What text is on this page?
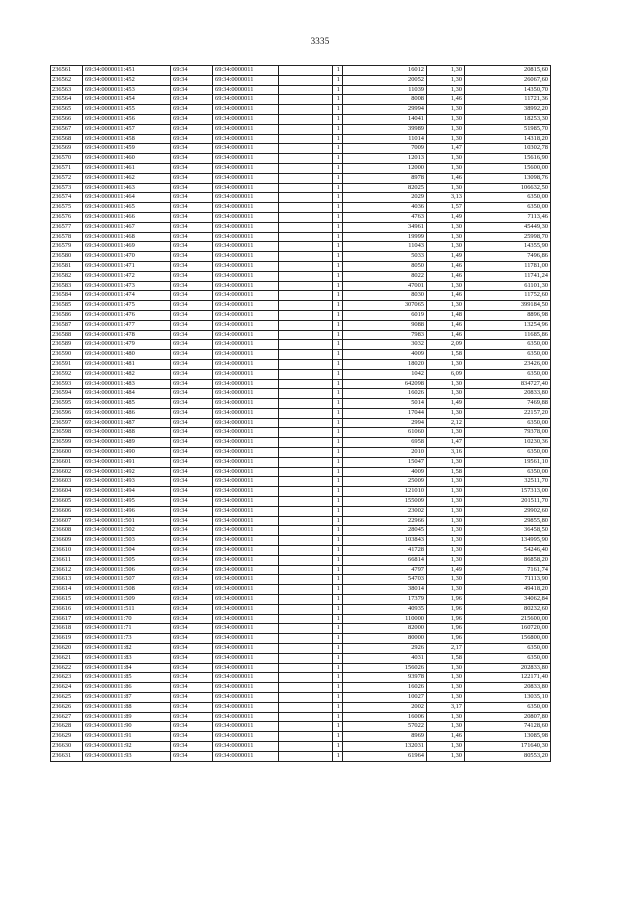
3335
236561	69:34:0000011:451	69:34	69:34:0000011		1	16012	1,30	20815,60
236562	69:34:0000011:452	69:34	69:34:0000011		1	20052	1,30	26067,60
236563	69:34:0000011:453	69:34	69:34:0000011		1	11039	1,30	14350,70
236564	69:34:0000011:454	69:34	69:34:0000011		1	8008	1,46	11721,36
236565	69:34:0000011:455	69:34	69:34:0000011		1	29994	1,30	38992,20
236566	69:34:0000011:456	69:34	69:34:0000011		1	14041	1,30	18253,30
236567	69:34:0000011:457	69:34	69:34:0000011		1	39989	1,30	51985,70
236568	69:34:0000011:458	69:34	69:34:0000011		1	11014	1,30	14318,20
236569	69:34:0000011:459	69:34	69:34:0000011		1	7009	1,47	10302,78
236570	69:34:0000011:460	69:34	69:34:0000011		1	12013	1,30	15616,90
236571	69:34:0000011:461	69:34	69:34:0000011		1	12000	1,30	15600,00
236572	69:34:0000011:462	69:34	69:34:0000011		1	8978	1,46	13098,76
236573	69:34:0000011:463	69:34	69:34:0000011		1	82025	1,30	106632,50
236574	69:34:0000011:464	69:34	69:34:0000011		1	2029	3,13	6350,00
236575	69:34:0000011:465	69:34	69:34:0000011		1	4036	1,57	6350,00
236576	69:34:0000011:466	69:34	69:34:0000011		1	4763	1,49	7113,46
236577	69:34:0000011:467	69:34	69:34:0000011		1	34961	1,30	45449,30
236578	69:34:0000011:468	69:34	69:34:0000011		1	19999	1,30	25998,70
236579	69:34:0000011:469	69:34	69:34:0000011		1	11043	1,30	14355,90
236580	69:34:0000011:470	69:34	69:34:0000011		1	5033	1,49	7496,86
236581	69:34:0000011:471	69:34	69:34:0000011		1	8050	1,46	11781,00
236582	69:34:0000011:472	69:34	69:34:0000011		1	8022	1,46	11741,24
236583	69:34:0000011:473	69:34	69:34:0000011		1	47001	1,30	61101,30
236584	69:34:0000011:474	69:34	69:34:0000011		1	8030	1,46	11752,60
236585	69:34:0000011:475	69:34	69:34:0000011		1	307065	1,30	399184,50
236586	69:34:0000011:476	69:34	69:34:0000011		1	6019	1,48	8896,98
236587	69:34:0000011:477	69:34	69:34:0000011		1	9088	1,46	13254,96
236588	69:34:0000011:478	69:34	69:34:0000011		1	7983	1,46	11685,86
236589	69:34:0000011:479	69:34	69:34:0000011		1	3032	2,09	6350,00
236590	69:34:0000011:480	69:34	69:34:0000011		1	4009	1,58	6350,00
236591	69:34:0000011:481	69:34	69:34:0000011		1	18020	1,30	23426,00
236592	69:34:0000011:482	69:34	69:34:0000011		1	1042	6,09	6350,00
236593	69:34:0000011:483	69:34	69:34:0000011		1	642098	1,30	834727,40
236594	69:34:0000011:484	69:34	69:34:0000011		1	16026	1,30	20833,80
236595	69:34:0000011:485	69:34	69:34:0000011		1	5014	1,49	7469,88
236596	69:34:0000011:486	69:34	69:34:0000011		1	17044	1,30	22157,20
236597	69:34:0000011:487	69:34	69:34:0000011		1	2994	2,12	6350,00
236598	69:34:0000011:488	69:34	69:34:0000011		1	61060	1,30	79378,00
236599	69:34:0000011:489	69:34	69:34:0000011		1	6958	1,47	10230,36
236600	69:34:0000011:490	69:34	69:34:0000011		1	2010	3,16	6350,00
236601	69:34:0000011:491	69:34	69:34:0000011		1	15047	1,30	19561,10
236602	69:34:0000011:492	69:34	69:34:0000011		1	4009	1,58	6350,00
236603	69:34:0000011:493	69:34	69:34:0000011		1	25009	1,30	32511,70
236604	69:34:0000011:494	69:34	69:34:0000011		1	121010	1,30	157313,00
236605	69:34:0000011:495	69:34	69:34:0000011		1	155009	1,30	201511,70
236606	69:34:0000011:496	69:34	69:34:0000011		1	23002	1,30	29902,60
236607	69:34:0000011:501	69:34	69:34:0000011		1	22966	1,30	29855,80
236608	69:34:0000011:502	69:34	69:34:0000011		1	28045	1,30	36458,50
236609	69:34:0000011:503	69:34	69:34:0000011		1	103843	1,30	134995,90
236610	69:34:0000011:504	69:34	69:34:0000011		1	41728	1,30	54246,40
236611	69:34:0000011:505	69:34	69:34:0000011		1	66814	1,30	86858,20
236612	69:34:0000011:506	69:34	69:34:0000011		1	4797	1,49	7161,74
236613	69:34:0000011:507	69:34	69:34:0000011		1	54703	1,30	71113,90
236614	69:34:0000011:508	69:34	69:34:0000011		1	38014	1,30	49418,20
236615	69:34:0000011:509	69:34	69:34:0000011		1	17379	1,96	34062,84
236616	69:34:0000011:511	69:34	69:34:0000011		1	40935	1,96	80232,60
236617	69:34:0000011:70	69:34	69:34:0000011		1	110000	1,96	215600,00
236618	69:34:0000011:71	69:34	69:34:0000011		1	82000	1,96	160720,00
236619	69:34:0000011:73	69:34	69:34:0000011		1	80000	1,96	156800,00
236620	69:34:0000011:82	69:34	69:34:0000011		1	2926	2,17	6350,00
236621	69:34:0000011:83	69:34	69:34:0000011		1	4031	1,58	6350,00
236622	69:34:0000011:84	69:34	69:34:0000011		1	156026	1,30	202833,80
236623	69:34:0000011:85	69:34	69:34:0000011		1	93978	1,30	122171,40
236624	69:34:0000011:86	69:34	69:34:0000011		1	16026	1,30	20833,80
236625	69:34:0000011:87	69:34	69:34:0000011		1	10027	1,30	13035,10
236626	69:34:0000011:88	69:34	69:34:0000011		1	2002	3,17	6350,00
236627	69:34:0000011:89	69:34	69:34:0000011		1	16006	1,30	20807,80
236628	69:34:0000011:90	69:34	69:34:0000011		1	57022	1,30	74128,60
236629	69:34:0000011:91	69:34	69:34:0000011		1	8969	1,46	13085,98
236630	69:34:0000011:92	69:34	69:34:0000011		1	132031	1,30	171640,30
236631	69:34:0000011:93	69:34	69:34:0000011		1	61964	1,30	80553,20
